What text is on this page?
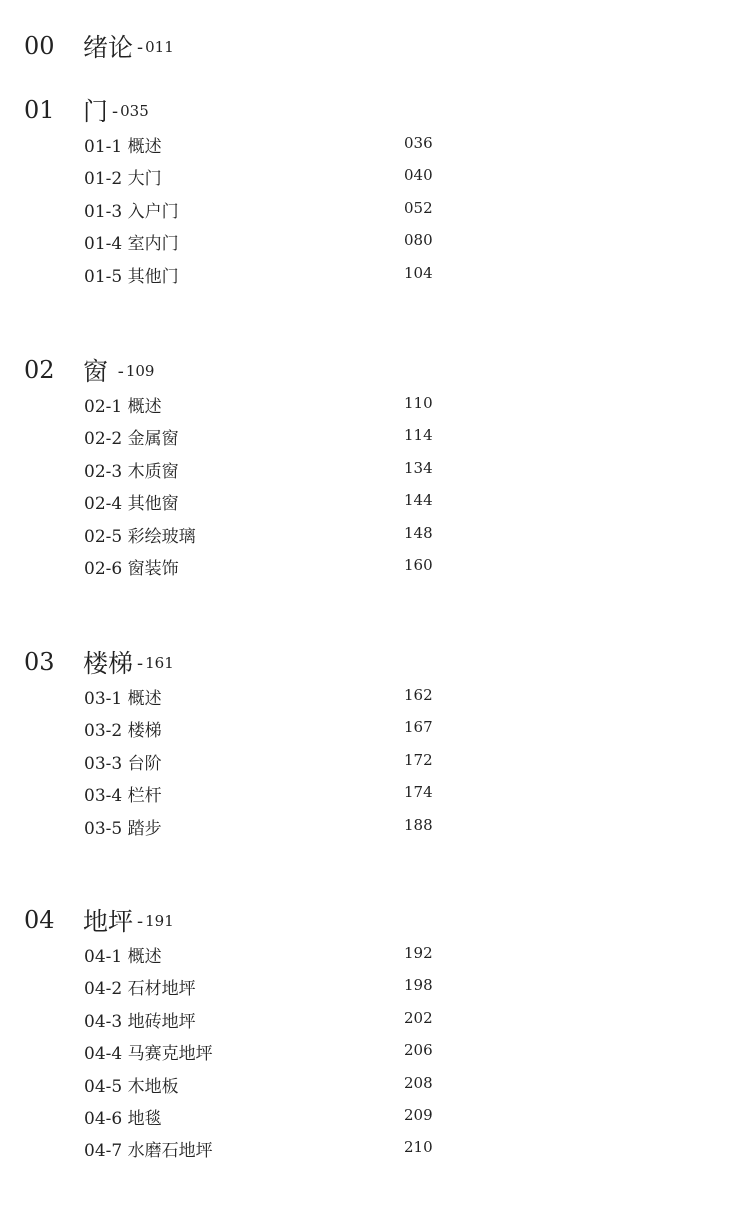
00 绪论 - 011
01 门 - 035
01-1 概述	036
01-2 大门	040
01-3 入户门	052
01-4 室内门	080
01-5 其他门	104
02 窗 - 109
02-1 概述	110
02-2 金属窗	114
02-3 木质窗	134
02-4 其他窗	144
02-5 彩绘玻璃	148
02-6 窗装饰	160
03 楼梯 - 161
03-1 概述	162
03-2 楼梯	167
03-3 台阶	172
03-4 栏杆	174
03-5 踏步	188
04 地坪 - 191
04-1 概述	192
04-2 石材地坪	198
04-3 地砖地坪	202
04-4 马赛克地坪	206
04-5 木地板	208
04-6 地毯	209
04-7 水磨石地坪	210
